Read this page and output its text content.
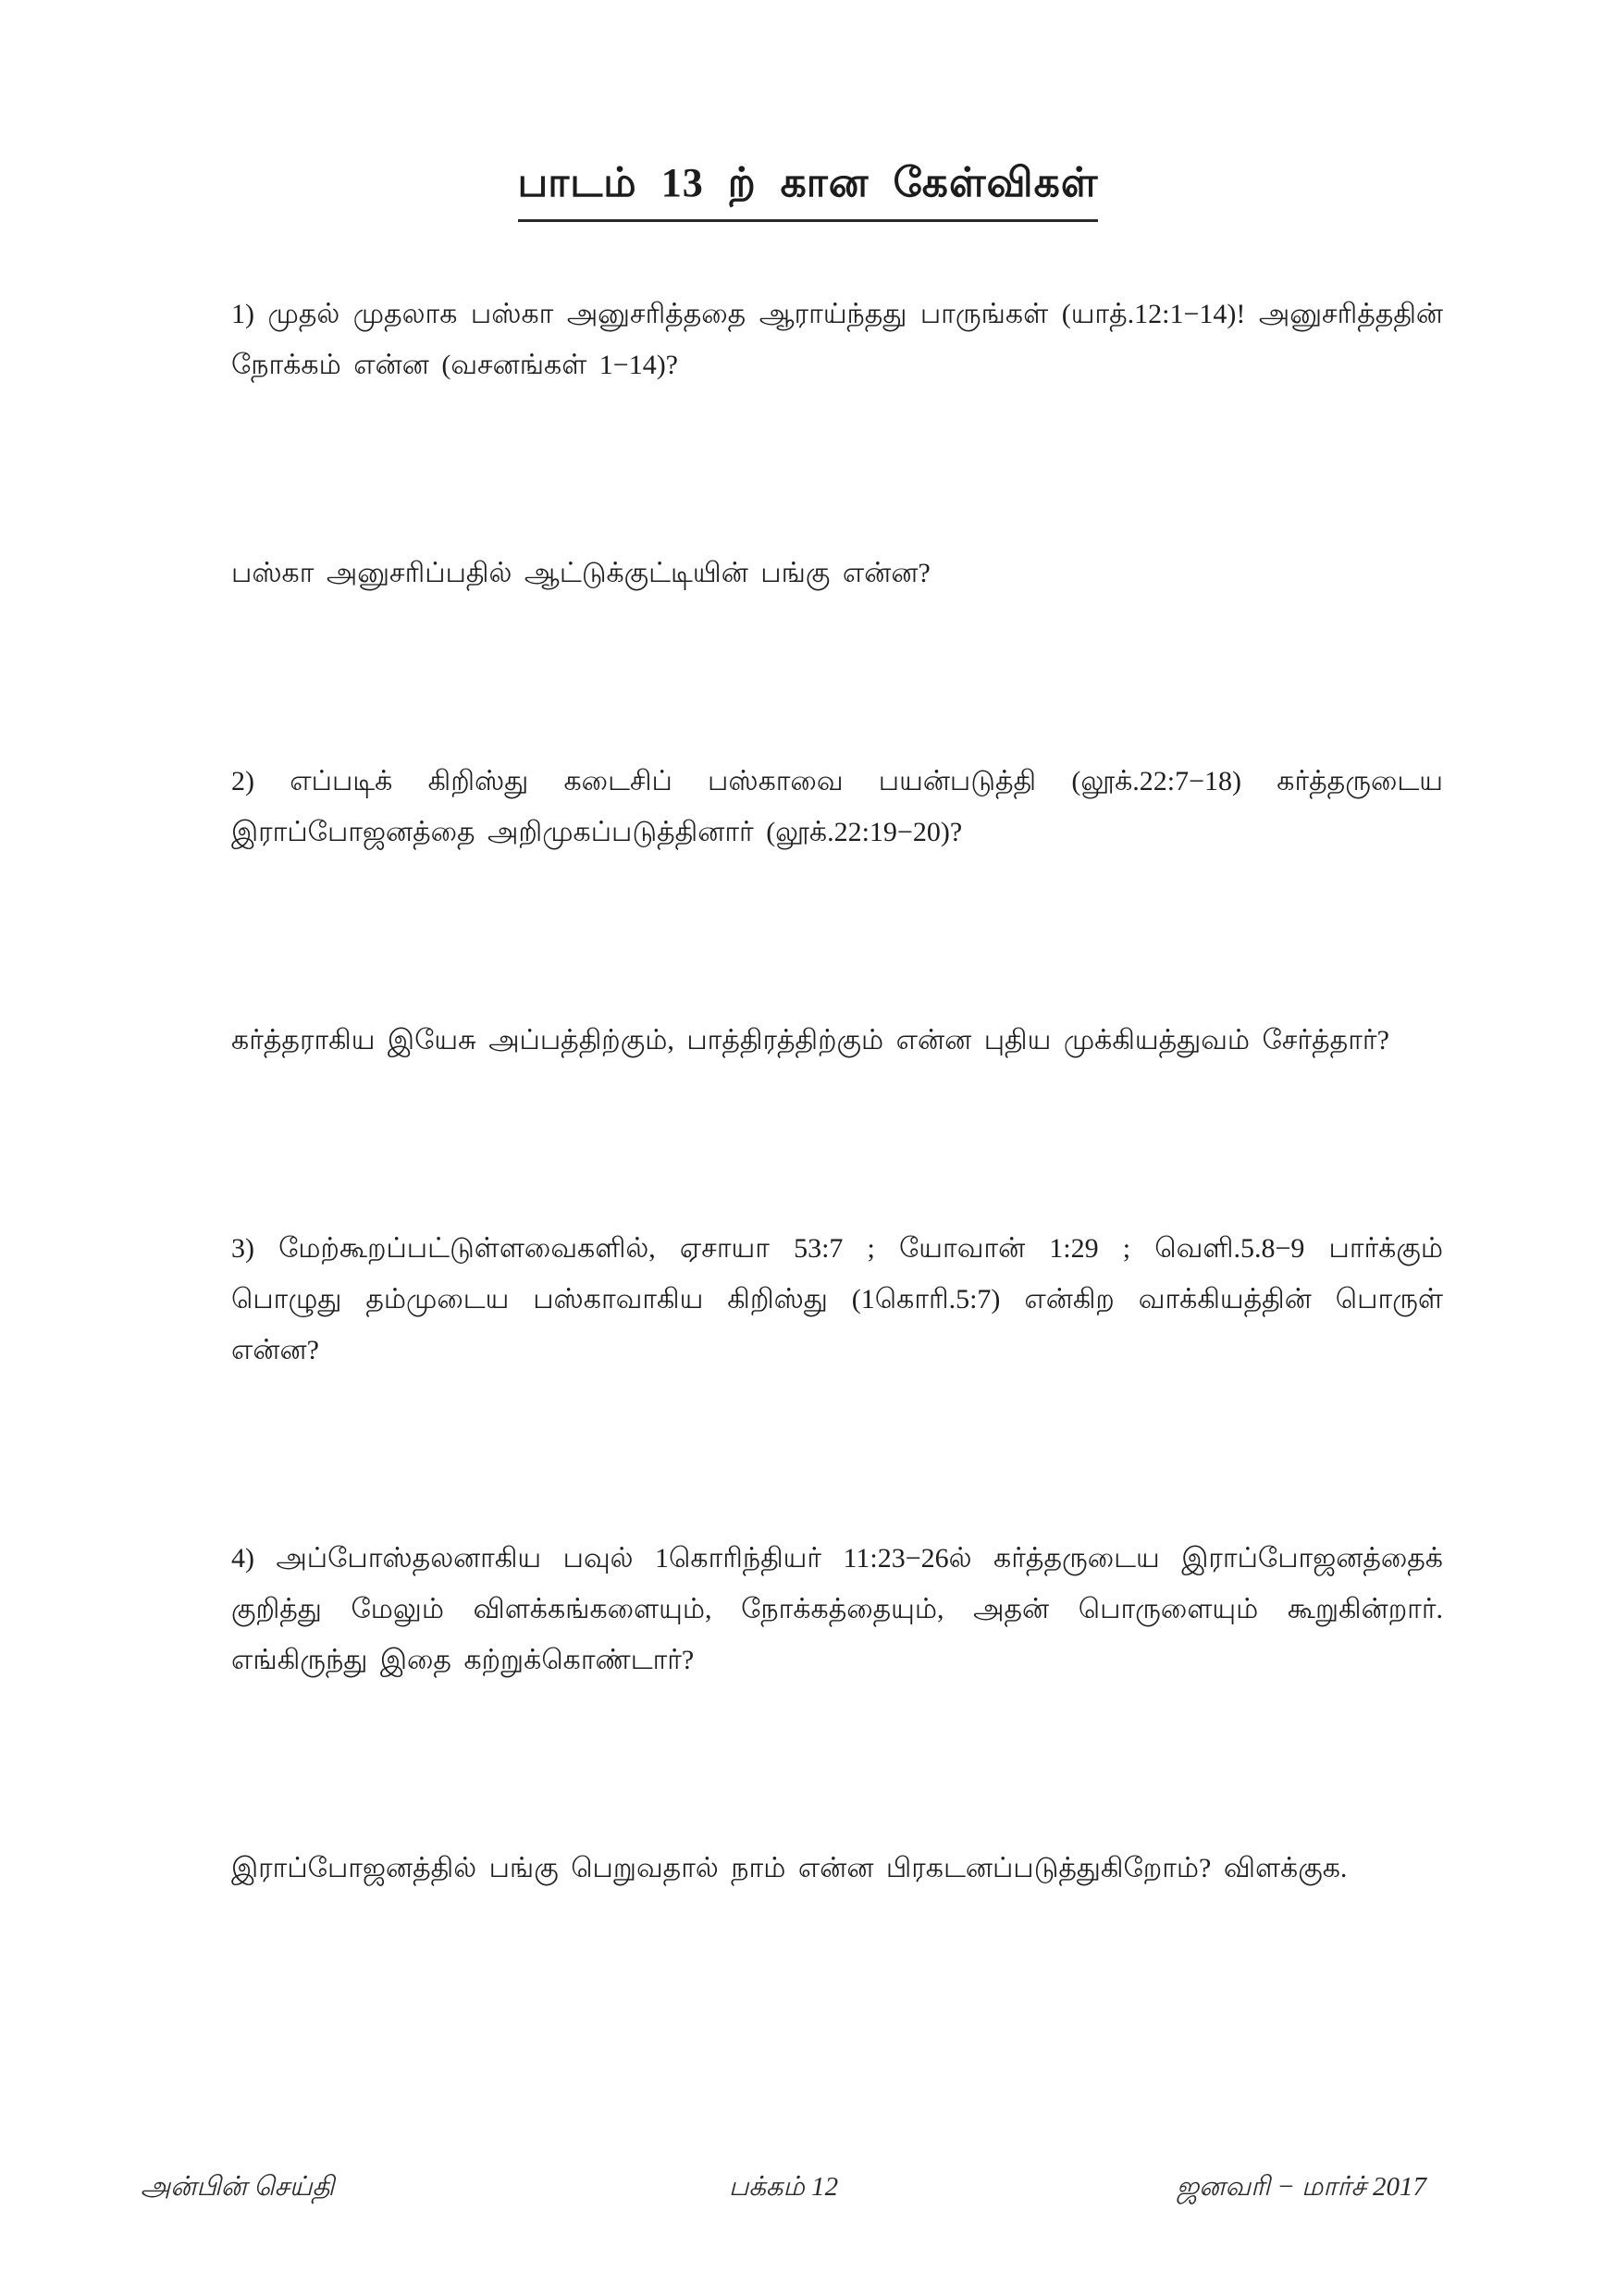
பாடம் 13 ற் கான கேள்விகள்

1) முதல் முதலாக பஸ்கா அனுசரித்ததை ஆராய்ந்தது பாருங்கள் (யாத்.12:1−14)! அனுசரித்ததின் நோக்கம் என்ன (வசனங்கள் 1−14)?

பஸ்கா அனுசரிப்பதில் ஆட்டுக்குட்டியின் பங்கு என்ன?

2) எப்படிக் கிறிஸ்து கடைசிப் பஸ்காவை பயன்படுத்தி (லூக்.22:7−18) கர்த்தருடைய இராப்போஜனத்தை அறிமுகப்படுத்தினார் (லூக்.22:19−20)?

கர்த்தராகிய இயேசு அப்பத்திற்கும், பாத்திரத்திற்கும் என்ன புதிய முக்கியத்துவம் சேர்த்தார்?

3) மேற்கூறப்பட்டுள்ளவைகளில், ஏசாயா 53:7 ; யோவான் 1:29 ; வெளி.5.8−9 பார்க்கும் பொழுது தம்முடைய பஸ்காவாகிய கிறிஸ்து (1கொரி.5:7) என்கிற வாக்கியத்தின் பொருள் என்ன?

4) அப்போஸ்தலனாகிய பவுல் 1கொரிந்தியர் 11:23−26ல் கர்த்தருடைய இராப்போஜனத்தைக் குறித்து மேலும் விளக்கங்களையும், நோக்கத்தையும், அதன் பொருளையும் கூறுகின்றார். எங்கிருந்து இதை கற்றுக்கொண்டார்?

இராப்போஜனத்தில் பங்கு பெறுவதால் நாம் என்ன பிரகடனப்படுத்துகிறோம்? விளக்குக.

அன்பின் செய்தி	பக்கம் 12	ஜனவரி − மார்ச் 2017
